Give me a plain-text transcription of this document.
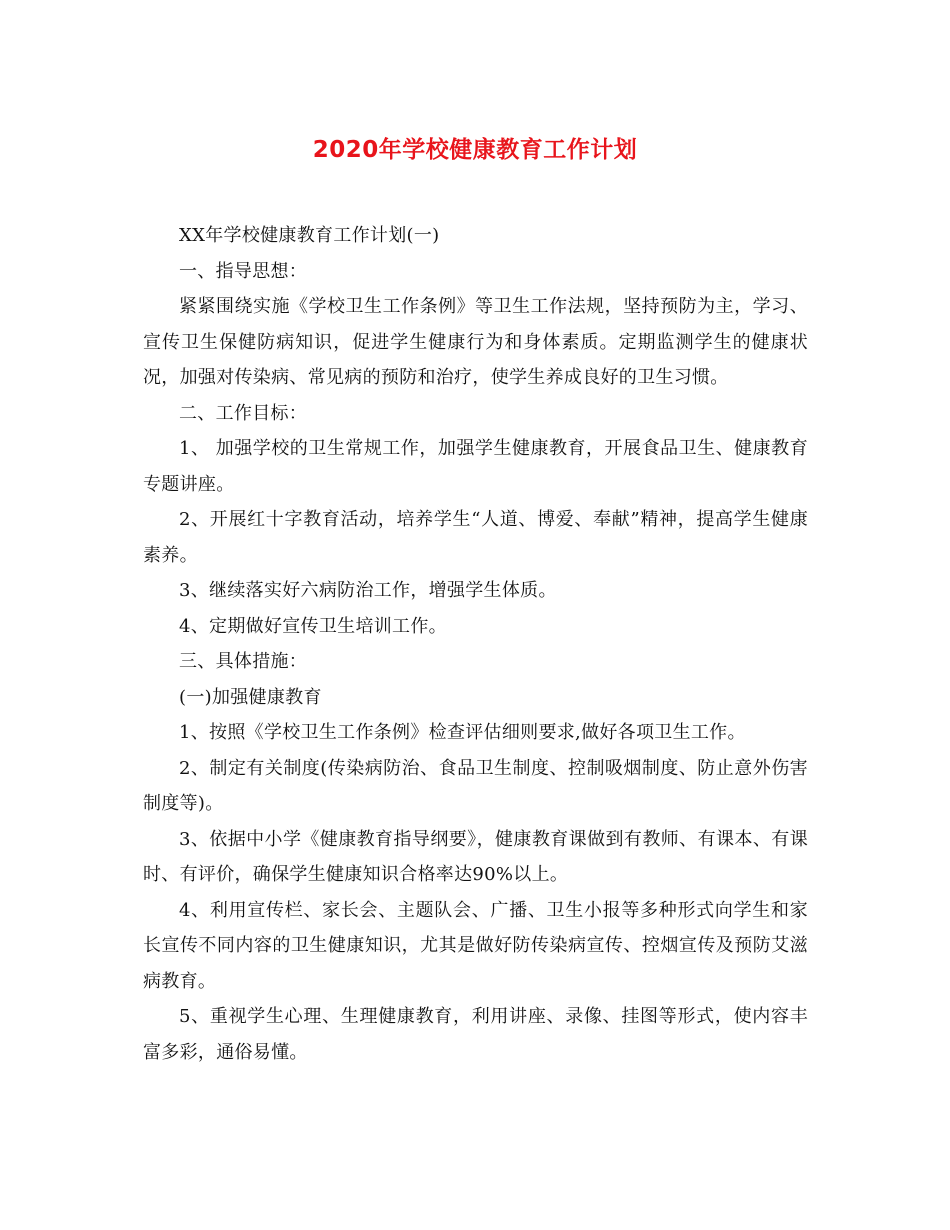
2020年学校健康教育工作计划

XX年学校健康教育工作计划(一)

一、指导思想：

紧紧围绕实施《学校卫生工作条例》等卫生工作法规，坚持预防为主，学习、宣传卫生保健防病知识，促进学生健康行为和身体素质。定期监测学生的健康状况，加强对传染病、常见病的预防和治疗，使学生养成良好的卫生习惯。

二、工作目标：

1、 加强学校的卫生常规工作，加强学生健康教育，开展食品卫生、健康教育专题讲座。

2、开展红十字教育活动，培养学生“人道、博爱、奉献”精神，提高学生健康素养。

3、继续落实好六病防治工作，增强学生体质。

4、定期做好宣传卫生培训工作。

三、具体措施：

(一)加强健康教育

1、按照《学校卫生工作条例》检查评估细则要求,做好各项卫生工作。

2、制定有关制度(传染病防治、食品卫生制度、控制吸烟制度、防止意外伤害制度等)。

3、依据中小学《健康教育指导纲要》，健康教育课做到有教师、有课本、有课时、有评价，确保学生健康知识合格率达90%以上。

4、利用宣传栏、家长会、主题队会、广播、卫生小报等多种形式向学生和家长宣传不同内容的卫生健康知识，尤其是做好防传染病宣传、控烟宣传及预防艾滋病教育。

5、重视学生心理、生理健康教育，利用讲座、录像、挂图等形式，使内容丰富多彩，通俗易懂。
